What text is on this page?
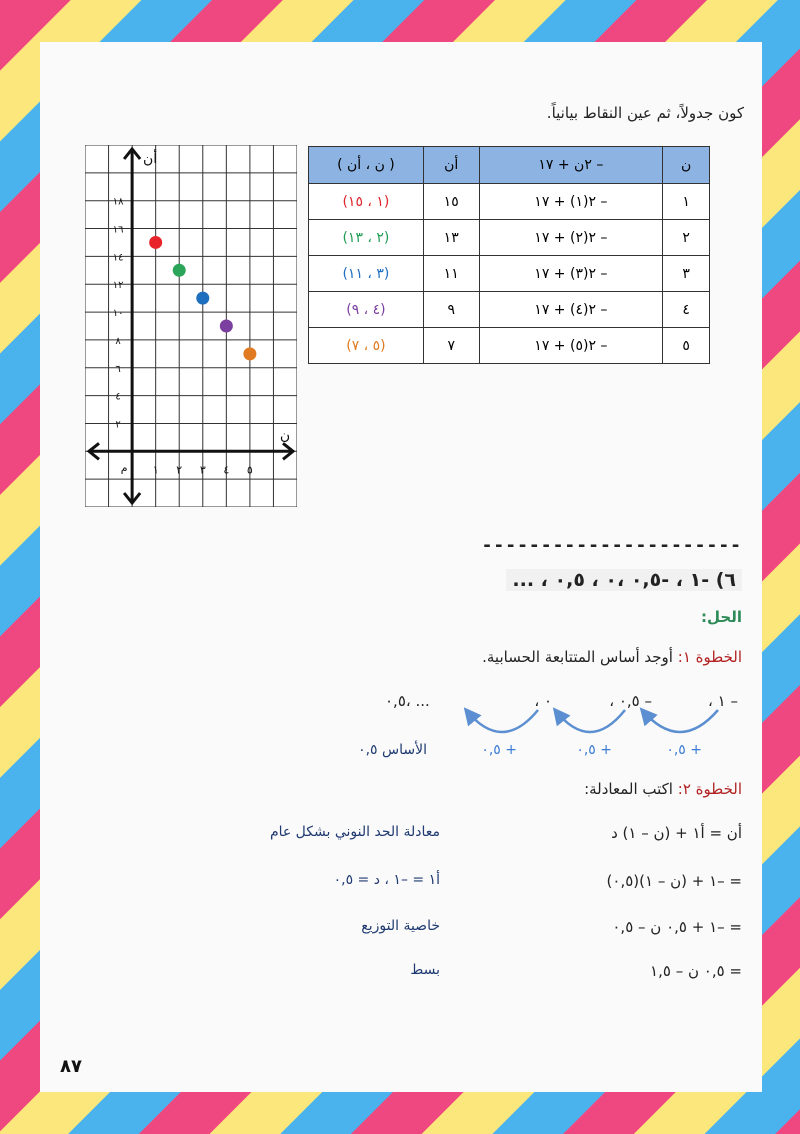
كون جدولاً، ثم عين النقاط بيانياً.
أن
ن
م ١ ٢ ٣ ٤ ٥
٢
٤
٦
٨
١٠
١٢
١٤
١٦
١٨
ن	– ٢ن + ١٧	أن	( ن ، أن )
١	– ٢(١) + ١٧	١٥	(١ ، ١٥)
٢	– ٢(٢) + ١٧	١٣	(٢ ، ١٣)
٣	– ٢(٣) + ١٧	١١	(٣ ، ١١)
٤	– ٢(٤) + ١٧	٩	(٤ ، ٩)
٥	– ٢(٥) + ١٧	٧	(٥ ، ٧)
----------------------
٦) -١ ، -٠,٥ ،٠ ، ٠,٥ ، ...
الحل:
الخطوة ١: أوجد أساس المتتابعة الحسابية.
– ١ ،
– ٠,٥ ،
٠ ،
٠,٥، ...
+ ٠,٥
+ ٠,٥
+ ٠,٥
الأساس ٠,٥
الخطوة ٢: اكتب المعادلة:
أن = أ١ + (ن – ١) د
معادلة الحد النوني بشكل عام
= –١ + (ن – ١)(٠,٥)
أ١ = –١ ، د = ٠,٥
= –١ + ٠,٥ ن – ٠,٥
خاصية التوزيع
= ٠,٥ ن – ١,٥
بسط
٨٧
